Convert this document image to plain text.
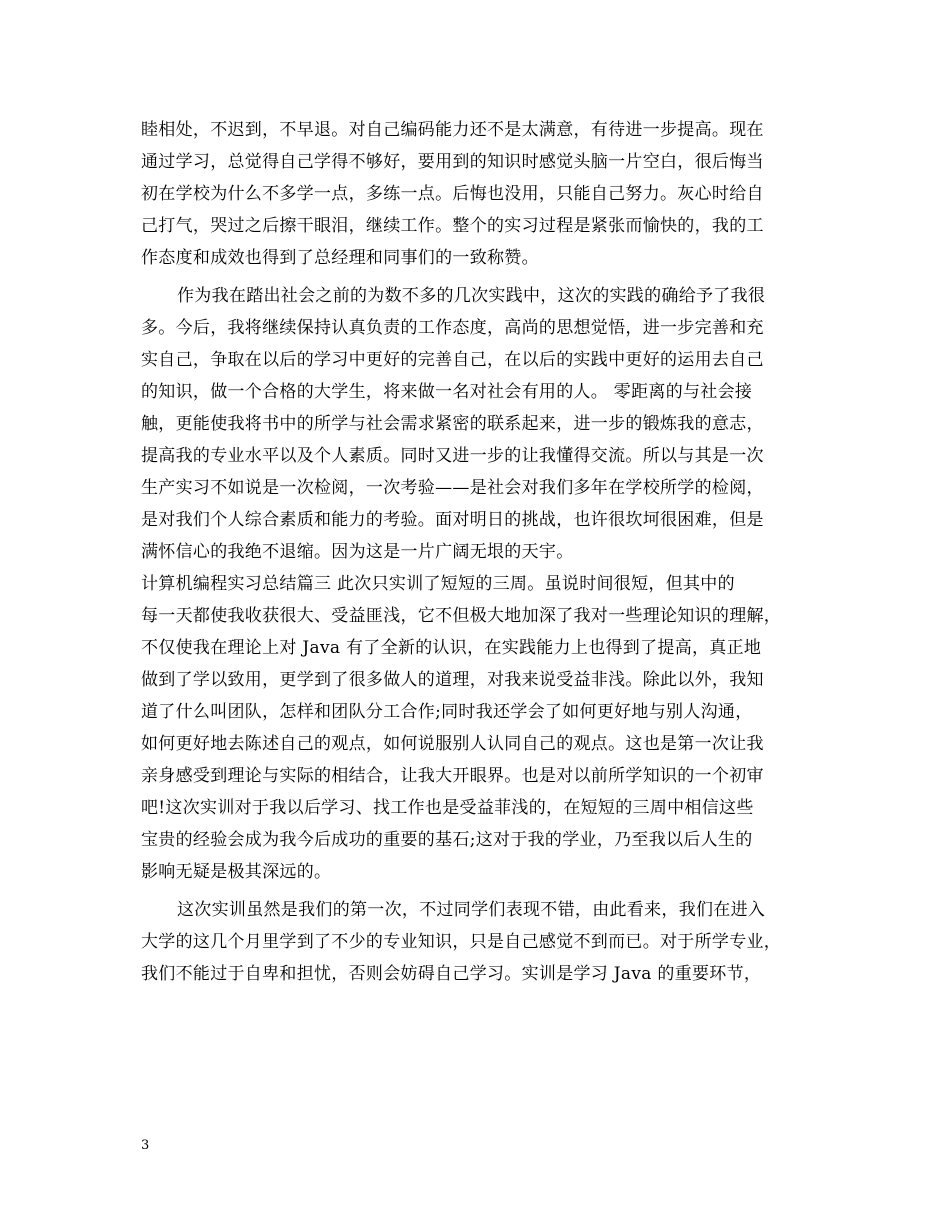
睦相处，不迟到，不早退。对自己编码能力还不是太满意，有待进一步提高。现在
通过学习，总觉得自己学得不够好，要用到的知识时感觉头脑一片空白，很后悔当
初在学校为什么不多学一点，多练一点。后悔也没用，只能自己努力。灰心时给自
己打气，哭过之后擦干眼泪，继续工作。整个的实习过程是紧张而愉快的，我的工
作态度和成效也得到了总经理和同事们的一致称赞。
作为我在踏出社会之前的为数不多的几次实践中，这次的实践的确给予了我很
多。今后，我将继续保持认真负责的工作态度，高尚的思想觉悟，进一步完善和充
实自己，争取在以后的学习中更好的完善自己，在以后的实践中更好的运用去自己
的知识，做一个合格的大学生，将来做一名对社会有用的人。 零距离的与社会接
触，更能使我将书中的所学与社会需求紧密的联系起来，进一步的锻炼我的意志，
提高我的专业水平以及个人素质。同时又进一步的让我懂得交流。所以与其是一次
生产实习不如说是一次检阅，一次考验——是社会对我们多年在学校所学的检阅，
是对我们个人综合素质和能力的考验。面对明日的挑战，也许很坎坷很困难，但是
满怀信心的我绝不退缩。因为这是一片广阔无垠的天宇。
计算机编程实习总结篇三 此次只实训了短短的三周。虽说时间很短，但其中的
每一天都使我收获很大、受益匪浅，它不但极大地加深了我对一些理论知识的理解，
不仅使我在理论上对 Java 有了全新的认识，在实践能力上也得到了提高，真正地
做到了学以致用，更学到了很多做人的道理，对我来说受益非浅。除此以外，我知
道了什么叫团队，怎样和团队分工合作;同时我还学会了如何更好地与别人沟通，
如何更好地去陈述自己的观点，如何说服别人认同自己的观点。这也是第一次让我
亲身感受到理论与实际的相结合，让我大开眼界。也是对以前所学知识的一个初审
吧!这次实训对于我以后学习、找工作也是受益菲浅的，在短短的三周中相信这些
宝贵的经验会成为我今后成功的重要的基石;这对于我的学业，乃至我以后人生的
影响无疑是极其深远的。
这次实训虽然是我们的第一次，不过同学们表现不错，由此看来，我们在进入
大学的这几个月里学到了不少的专业知识，只是自己感觉不到而已。对于所学专业，
我们不能过于自卑和担忧，否则会妨碍自己学习。实训是学习 Java 的重要环节，
3
